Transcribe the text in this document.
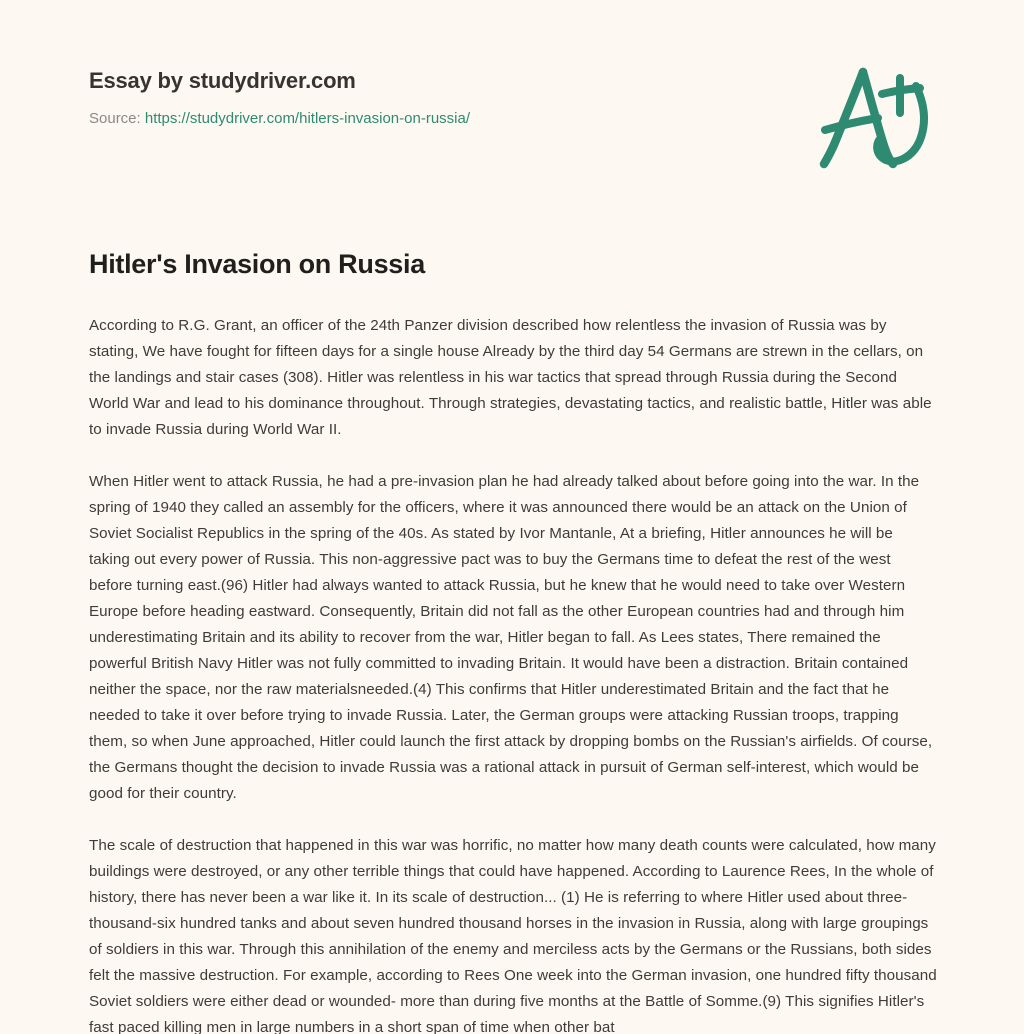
Essay by studydriver.com
Source: https://studydriver.com/hitlers-invasion-on-russia/
Hitler's Invasion on Russia

According to R.G. Grant, an officer of the 24th Panzer division described how relentless the invasion of Russia was by stating, We have fought for fifteen days for a single house Already by the third day 54 Germans are strewn in the cellars, on the landings and stair cases (308). Hitler was relentless in his war tactics that spread through Russia during the Second World War and lead to his dominance throughout. Through strategies, devastating tactics, and realistic battle, Hitler was able to invade Russia during World War II.

When Hitler went to attack Russia, he had a pre-invasion plan he had already talked about before going into the war. In the spring of 1940 they called an assembly for the officers, where it was announced there would be an attack on the Union of Soviet Socialist Republics in the spring of the 40s. As stated by Ivor Mantanle, At a briefing, Hitler announces he will be taking out every power of Russia. This non-aggressive pact was to buy the Germans time to defeat the rest of the west before turning east.(96) Hitler had always wanted to attack Russia, but he knew that he would need to take over Western Europe before heading eastward. Consequently, Britain did not fall as the other European countries had and through him underestimating Britain and its ability to recover from the war, Hitler began to fall. As Lees states, There remained the powerful British Navy Hitler was not fully committed to invading Britain. It would have been a distraction. Britain contained neither the space, nor the raw materialsneeded.(4) This confirms that Hitler underestimated Britain and the fact that he needed to take it over before trying to invade Russia. Later, the German groups were attacking Russian troops, trapping them, so when June approached, Hitler could launch the first attack by dropping bombs on the Russian's airfields. Of course, the Germans thought the decision to invade Russia was a rational attack in pursuit of German self-interest, which would be good for their country.

The scale of destruction that happened in this war was horrific, no matter how many death counts were calculated, how many buildings were destroyed, or any other terrible things that could have happened. According to Laurence Rees, In the whole of history, there has never been a war like it. In its scale of destruction... (1) He is referring to where Hitler used about three-thousand-six hundred tanks and about seven hundred thousand horses in the invasion in Russia, along with large groupings of soldiers in this war. Through this annihilation of the enemy and merciless acts by the Germans or the Russians, both sides felt the massive destruction. For example, according to Rees One week into the German invasion, one hundred fifty thousand Soviet soldiers were either dead or wounded- more than during five months at the Battle of Somme.(9) This signifies Hitler's fast paced killing men in large numbers in a short span of time when other bat
